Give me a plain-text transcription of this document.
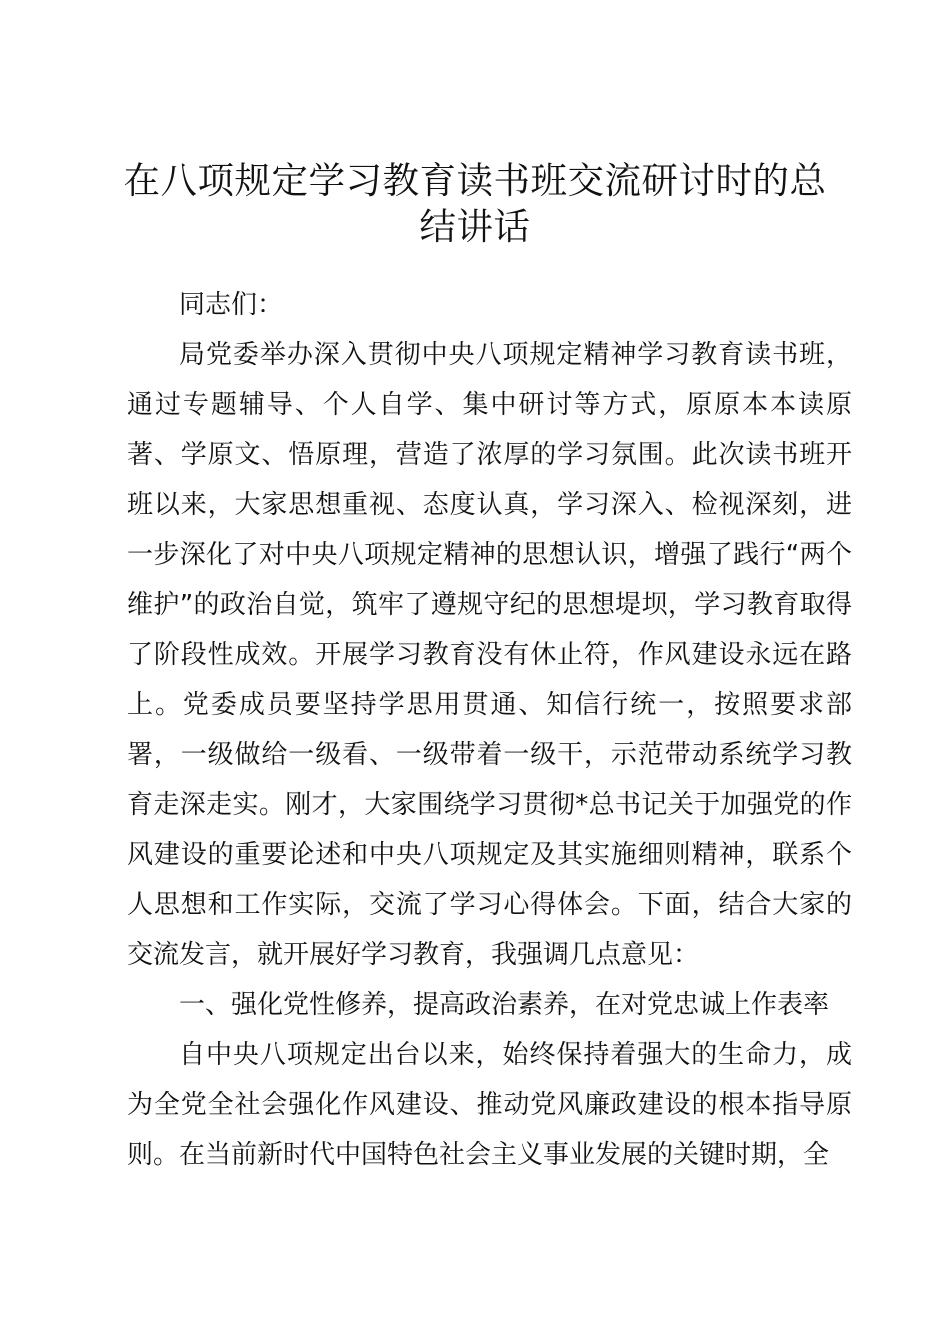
在八项规定学习教育读书班交流研讨时的总结讲话

同志们：

局党委举办深入贯彻中央八项规定精神学习教育读书班，通过专题辅导、个人自学、集中研讨等方式，原原本本读原著、学原文、悟原理，营造了浓厚的学习氛围。此次读书班开班以来，大家思想重视、态度认真，学习深入、检视深刻，进一步深化了对中央八项规定精神的思想认识，增强了践行“两个维护”的政治自觉，筑牢了遵规守纪的思想堤坝，学习教育取得了阶段性成效。开展学习教育没有休止符，作风建设永远在路上。党委成员要坚持学思用贯通、知信行统一，按照要求部署，一级做给一级看、一级带着一级干，示范带动系统学习教育走深走实。刚才，大家围绕学习贯彻*总书记关于加强党的作风建设的重要论述和中央八项规定及其实施细则精神，联系个人思想和工作实际，交流了学习心得体会。下面，结合大家的交流发言，就开展好学习教育，我强调几点意见：

一、强化党性修养，提高政治素养，在对党忠诚上作表率

自中央八项规定出台以来，始终保持着强大的生命力，成为全党全社会强化作风建设、推动党风廉政建设的根本指导原则。在当前新时代中国特色社会主义事业发展的关键时期，全
